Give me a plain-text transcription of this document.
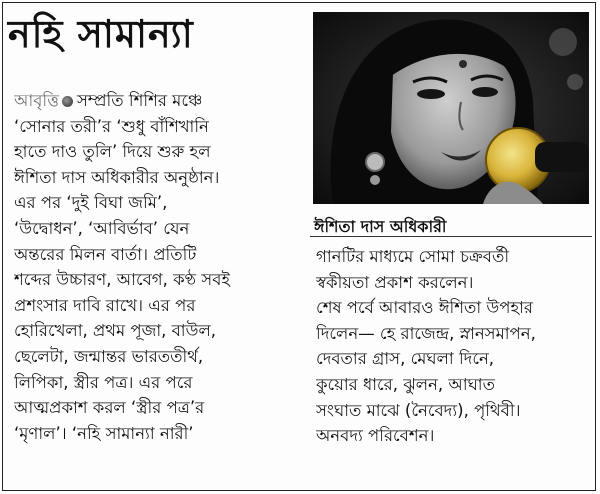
নহি সামান্যা
আবৃত্তি সম্প্রতি শিশির মঞ্চে
‘সোনার তরী’র ‘শুধু বাঁশিখানি
হাতে দাও তুলি’ দিয়ে শুরু হল
ঈশিতা দাস অধিকারীর অনুষ্ঠান।
এর পর ‘দুই বিঘা জমি’,
‘উদ্বোধন’, ‘আবির্ভাব’ যেন
অন্তরের মিলন বার্তা। প্রতিটি
শব্দের উচ্চারণ, আবেগ, কণ্ঠ সবই
প্রশংসার দাবি রাখে। এর পর
হোরিখেলা, প্রথম পূজা, বাউল,
ছেলেটা, জন্মান্তর ভারততীর্থ,
লিপিকা, স্ত্রীর পত্র। এর পরে
আত্মপ্রকাশ করল ‘স্ত্রীর পত্র’র
‘মৃণাল’। ‘নহি সামান্যা নারী’
ঈশিতা দাস অধিকারী
গানটির মাধ্যমে সোমা চক্রবর্তী
স্বকীয়তা প্রকাশ করলেন।
শেষ পর্বে আবারও ঈশিতা উপহার
দিলেন— হে রাজেন্দ্র, স্নানসমাপন,
দেবতার গ্রাস, মেঘলা দিনে,
কুয়োর ধারে, ঝুলন, আঘাত
সংঘাত মাঝে (নৈবেদ্য), পৃথিবী।
অনবদ্য পরিবেশন।
